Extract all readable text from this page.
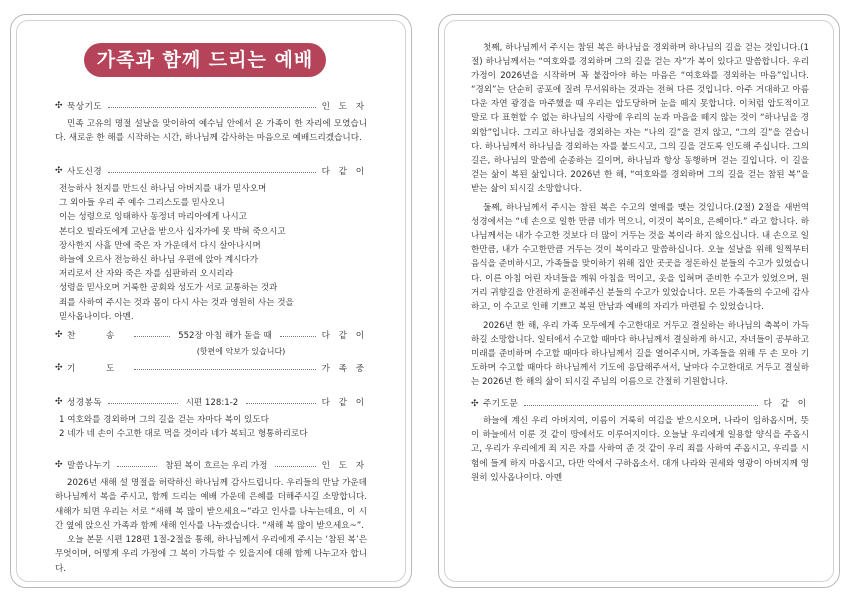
가족과 함께 드리는 예배
✣ 묵상기도	인 도 자

민족 고유의 명절 설날을 맞이하여 예수님 안에서 온 가족이 한 자리에 모였습니다. 새로운 한 해를 시작하는 시간, 하나님께 감사하는 마음으로 예배드리겠습니다.

✣ 사도신경	다 같 이
전능하사 천지를 만드신 하나님 아버지를 내가 믿사오며
그 외아들 우리 주 예수 그리스도를 믿사오니
이는 성령으로 잉태하사 동정녀 마리아에게 나시고
본디오 빌라도에게 고난을 받으사 십자가에 못 박혀 죽으시고
장사한지 사흘 만에 죽은 자 가운데서 다시 살아나시며
하늘에 오르사 전능하신 하나님 우편에 앉아 계시다가
저리로서 산 자와 죽은 자를 심판하러 오시리라
성령을 믿사오며 거룩한 공회와 성도가 서로 교통하는 것과
죄를 사하여 주시는 것과 몸이 다시 사는 것과 영원히 사는 것을
믿사옵나이다. 아멘.
✣ 찬 송	552장 아침 해가 돋을 때	다 같 이
(핫편에 악보가 있습니다)
✣ 기 도	가 족 중
✣ 성경봉독	시편 128:1-2	다 같 이
1 여호와를 경외하며 그의 길을 걷는 자마다 복이 있도다
2 네가 네 손이 수고한 대로 먹을 것이라 네가 복되고 형통하리로다
✣ 말씀나누기	참된 복이 흐르는 우리 가정	인 도 자

2026년 새해 설 명절을 허락하신 하나님께 감사드립니다. 우리들의 만남 가운데 하나님께서 복을 주시고, 함께 드리는 예배 가운데 은혜를 더해주시길 소망합니다. 새해가 되면 우리는 서로 “새해 복 많이 받으세요~”라고 인사를 나누는데요, 이 시간 옆에 앉으신 가족과 함께 새해 인사를 나누겠습니다. “새해 복 많이 받으세요~”.

오늘 본문 시편 128편 1절-2절을 통해, 하나님께서 우리에게 주시는 ‘참된 복’은 무엇이며, 어떻게 우리 가정에 그 복이 가득할 수 있을지에 대해 함께 나누고자 합니다.

첫째, 하나님께서 주시는 참된 복은 하나님을 경외하며 하나님의 길을 걷는 것입니다.(1절) 하나님께서는 “여호와를 경외하며 그의 길을 걷는 자”가 복이 있다고 말씀합니다. 우리 가정이 2026년을 시작하며 꼭 붙잡아야 하는 마음은 “여호와를 경외하는 마음”입니다. “경외”는 단순히 공포에 질려 무서워하는 것과는 전혀 다른 것입니다. 아주 거대하고 아름다운 자연 광경을 마주했을 때 우리는 압도당하며 눈을 떼지 못합니다. 이처럼 압도적이고 말로 다 표현할 수 없는 하나님의 사랑에 우리의 눈과 마음을 떼지 않는 것이 “하나님을 경외함”입니다. 그리고 하나님을 경외하는 자는 “나의 길”을 걷지 않고, “그의 길”을 걷습니다. 하나님께서 하나님을 경외하는 자를 붙드시고, 그의 길을 걷도록 인도해 주십니다. 그의 길은, 하나님의 말씀에 순종하는 길이며, 하나님과 항상 동행하며 걷는 길입니다. 이 길을 걷는 삶이 복된 삶입니다. 2026년 한 해, “여호와를 경외하며 그의 길을 걷는 참된 복”을 받는 삶이 되시길 소망합니다.

둘째, 하나님께서 주시는 참된 복은 수고의 열매를 맺는 것입니다.(2절) 2절을 새번역 성경에서는 “네 손으로 일한 만큼 네가 먹으니, 이것이 복이요, 은혜이다.” 라고 합니다. 하나님께서는 내가 수고한 것보다 더 많이 거두는 것을 복이라 하지 않으십니다. 내 손으로 일한만큼, 내가 수고한만큼 거두는 것이 복이라고 말씀하십니다. 오늘 설날을 위해 일찍부터 음식을 준비하시고, 가족들을 맞이하기 위해 집안 곳곳을 정돈하신 분들의 수고가 있었습니다. 이른 아침 어린 자녀들을 깨워 아침을 먹이고, 옷을 입혀며 준비한 수고가 있었으며, 원거리 귀향길을 안전하게 운전해주신 분들의 수고가 있었습니다. 모든 가족들의 수고에 감사하고, 이 수고로 인해 기쁘고 복된 만남과 예배의 자리가 마련될 수 있었습니다.

2026년 한 해, 우리 가족 모두에게 수고한대로 거두고 결실하는 하나님의 축복이 가득하길 소망합니다. 일터에서 수고할 때마다 하나님께서 결실하게 하시고, 자녀들이 공부하고 미래를 준비하며 수고할 때마다 하나님께서 길을 열어주시며, 가족들을 위해 두 손 모아 기도하며 수고할 때마다 하나님께서 기도에 응답해주셔서, 날마다 수고한대로 거두고 결실하는 2026년 한 해의 삶이 되시길 주님의 이름으로 간절히 기원합니다.

✣ 주기도문	다 같 이

하늘에 계신 우리 아버지여, 이름이 거룩히 여김을 받으시오며, 나라이 임하옵시며, 뜻이 하늘에서 이룬 것 같이 땅에서도 이루어지이다. 오늘날 우리에게 일용할 양식을 주옵시고, 우리가 우리에게 죄 지은 자를 사하여 준 것 같이 우리 죄를 사하여 주옵시고, 우리를 시험에 들게 하지 마옵시고, 다만 악에서 구하옵소서. 대개 나라와 권세와 영광이 아버지께 영원히 있사옵나이다. 아멘
